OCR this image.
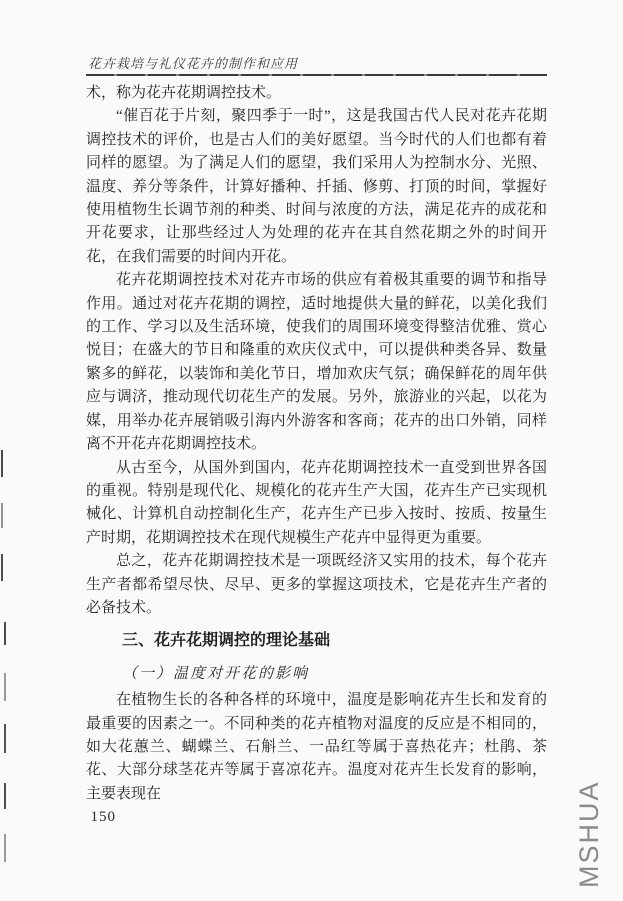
花卉栽培与礼仪花卉的制作和应用

术，称为花卉花期调控技术。

“催百花于片刻，聚四季于一时”，这是我国古代人民对花卉花期调控技术的评价，也是古人们的美好愿望。当今时代的人们也都有着同样的愿望。为了满足人们的愿望，我们采用人为控制水分、光照、温度、养分等条件，计算好播种、扦插、修剪、打顶的时间，掌握好使用植物生长调节剂的种类、时间与浓度的方法，满足花卉的成花和开花要求，让那些经过人为处理的花卉在其自然花期之外的时间开花，在我们需要的时间内开花。

花卉花期调控技术对花卉市场的供应有着极其重要的调节和指导作用。通过对花卉花期的调控，适时地提供大量的鲜花，以美化我们的工作、学习以及生活环境，使我们的周围环境变得整洁优雅、赏心悦目；在盛大的节日和隆重的欢庆仪式中，可以提供种类各异、数量繁多的鲜花，以装饰和美化节日，增加欢庆气氛；确保鲜花的周年供应与调济，推动现代切花生产的发展。另外，旅游业的兴起，以花为媒，用举办花卉展销吸引海内外游客和客商；花卉的出口外销，同样离不开花卉花期调控技术。

从古至今，从国外到国内，花卉花期调控技术一直受到世界各国的重视。特别是现代化、规模化的花卉生产大国，花卉生产已实现机械化、计算机自动控制化生产，花卉生产已步入按时、按质、按量生产时期，花期调控技术在现代规模生产花卉中显得更为重要。

总之，花卉花期调控技术是一项既经济又实用的技术，每个花卉生产者都希望尽快、尽早、更多的掌握这项技术，它是花卉生产者的必备技术。

三、花卉花期调控的理论基础
（一）温度对开花的影响

在植物生长的各种各样的环境中，温度是影响花卉生长和发育的最重要的因素之一。不同种类的花卉植物对温度的反应是不相同的，如大花蕙兰、蝴蝶兰、石斛兰、一品红等属于喜热花卉；杜鹃、茶花、大部分球茎花卉等属于喜凉花卉。温度对花卉生长发育的影响，主要表现在

150	MSHUA
